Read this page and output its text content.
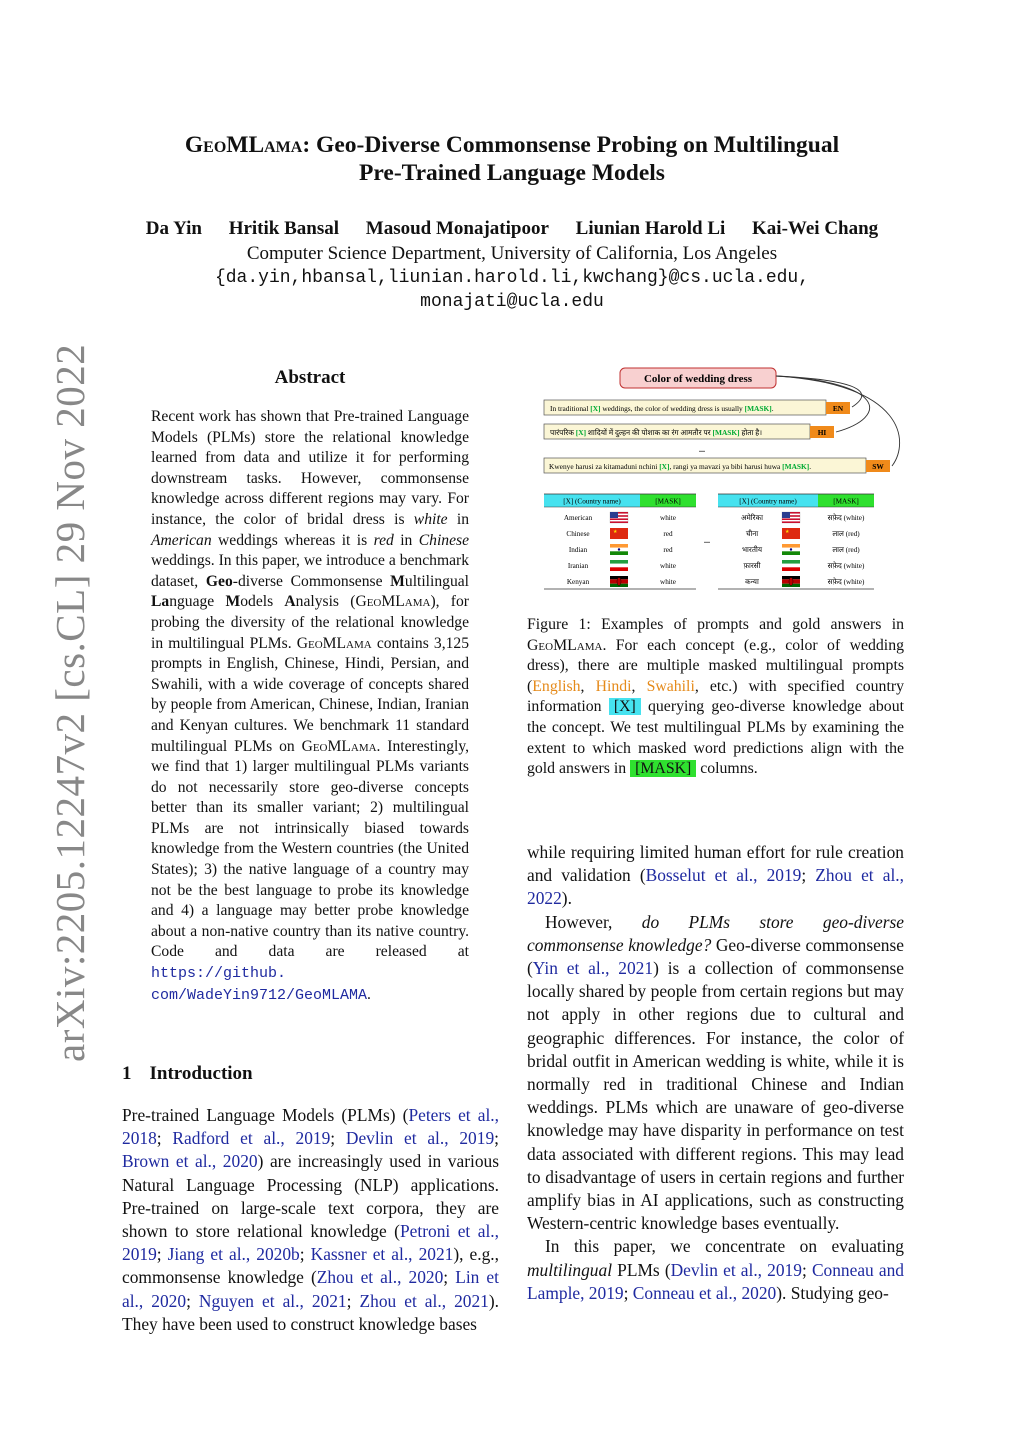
arXiv:2205.12247v2 [cs.CL] 29 Nov 2022
GeoMLama: Geo-Diverse Commonsense Probing on Multilingual
Pre-Trained Language Models
Da Yin Hritik Bansal Masoud Monajatipoor Liunian Harold Li Kai-Wei Chang
Computer Science Department, University of California, Los Angeles
{da.yin,hbansal,liunian.harold.li,kwchang}@cs.ucla.edu,
monajati@ucla.edu
Abstract
Recent work has shown that Pre-trained Language Models (PLMs) store the relational knowledge learned from data and utilize it for performing downstream tasks. However, commonsense knowledge across different regions may vary. For instance, the color of bridal dress is white in American weddings whereas it is red in Chinese weddings. In this paper, we introduce a benchmark dataset, Geo-diverse Commonsense Multilingual Language Models Analysis (GeoMLama), for probing the diversity of the relational knowledge in multilingual PLMs. GeoMLama contains 3,125 prompts in English, Chinese, Hindi, Persian, and Swahili, with a wide coverage of concepts shared by people from American, Chinese, Indian, Iranian and Kenyan cultures. We benchmark 11 standard multilingual PLMs on GeoMLama. Interestingly, we find that 1) larger multilingual PLMs variants do not necessarily store geo-diverse concepts better than its smaller variant; 2) multilingual PLMs are not intrinsically biased towards knowledge from the Western countries (the United States); 3) the native language of a country may not be the best language to probe its knowledge and 4) a language may better probe knowledge about a non-native country than its native country. Code and data are released at https://github. com/WadeYin9712/GeoMLAMA.
1 Introduction
Pre-trained Language Models (PLMs) (Peters et al., 2018; Radford et al., 2019; Devlin et al., 2019; Brown et al., 2020) are increasingly used in various Natural Language Processing (NLP) applications. Pre-trained on large-scale text corpora, they are shown to store relational knowledge (Petroni et al., 2019; Jiang et al., 2020b; Kassner et al., 2021), e.g., commonsense knowledge (Zhou et al., 2020; Lin et al., 2020; Nguyen et al., 2021; Zhou et al., 2021). They have been used to construct knowledge bases
Color of wedding dress
In traditional [X] weddings, the color of wedding dress is usually [MASK].	EN
पारंपरिक [X] शादियों में दुल्हन की पोशाक का रंग आमतौर पर [MASK] होता है।	HI
...
Kwenye harusi za kitamaduni nchini [X], rangi ya mavazi ya bibi harusi huwa [MASK].	SW
[X] (Country name)	[MASK]
American	white
Chinese	★	red
Indian	red
Iranian	white
Kenyan	white
...
[X] (Country name)	[MASK]
अमेरिका	सफ़ेद (white)
चीना	★	लाल (red)
भारतीय	लाल (red)
फ़ारसी	सफ़ेद (white)
कन्या	सफ़ेद (white)
Figure 1: Examples of prompts and gold answers in GeoMLama. For each concept (e.g., color of wedding dress), there are multiple masked multilingual prompts (English, Hindi, Swahili, etc.) with specified country information [X] querying geo-diverse knowledge about the concept. We test multilingual PLMs by examining the extent to which masked word predictions align with the gold answers in [MASK] columns.

while requiring limited human effort for rule creation and validation (Bosselut et al., 2019; Zhou et al., 2022).

However, do PLMs store geo-diverse commonsense knowledge? Geo-diverse commonsense (Yin et al., 2021) is a collection of commonsense locally shared by people from certain regions but may not apply in other regions due to cultural and geographic differences. For instance, the color of bridal outfit in American wedding is white, while it is normally red in traditional Chinese and Indian weddings. PLMs which are unaware of geo-diverse knowledge may have disparity in performance on test data associated with different regions. This may lead to disadvantage of users in certain regions and further amplify bias in AI applications, such as constructing Western-centric knowledge bases eventually.

In this paper, we concentrate on evaluating multilingual PLMs (Devlin et al., 2019; Conneau and Lample, 2019; Conneau et al., 2020). Studying geo-
